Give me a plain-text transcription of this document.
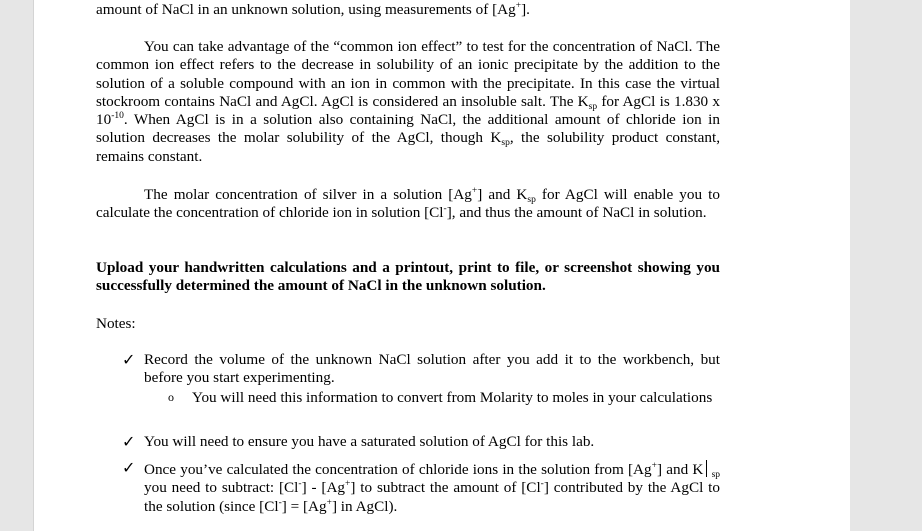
amount of NaCl in an unknown solution, using measurements of [Ag+].
You can take advantage of the “common ion effect” to test for the concentration of NaCl. The common ion effect refers to the decrease in solubility of an ionic precipitate by the addition to the solution of a soluble compound with an ion in common with the precipitate. In this case the virtual stockroom contains NaCl and AgCl. AgCl is considered an insoluble salt. The $K_{sp}$ for AgCl is 1.830 x $10^{-10}$. When AgCl is in a solution also containing NaCl, the additional amount of chloride ion in solution decreases the molar solubility of the AgCl, though $K_{sp}$, the solubility product constant, remains constant.
The molar concentration of silver in a solution [Ag+] and $K_{sp}$ for AgCl will enable you to calculate the concentration of chloride ion in solution [Cl-], and thus the amount of NaCl in solution.
Upload your handwritten calculations and a printout, print to file, or screenshot showing you successfully determined the amount of NaCl in the unknown solution.
Notes:
✓ Record the volume of the unknown NaCl solution after you add it to the workbench, but before you start experimenting.
o You will need this information to convert from Molarity to moles in your calculations
✓ You will need to ensure you have a saturated solution of AgCl for this lab.
✓ Once you’ve calculated the concentration of chloride ions in the solution from [Ag+] and K $_{sp}$ you need to subtract: [Cl-] - [Ag+] to subtract the amount of [Cl-] contributed by the AgCl to the solution (since [Cl-] = [Ag+] in AgCl).
